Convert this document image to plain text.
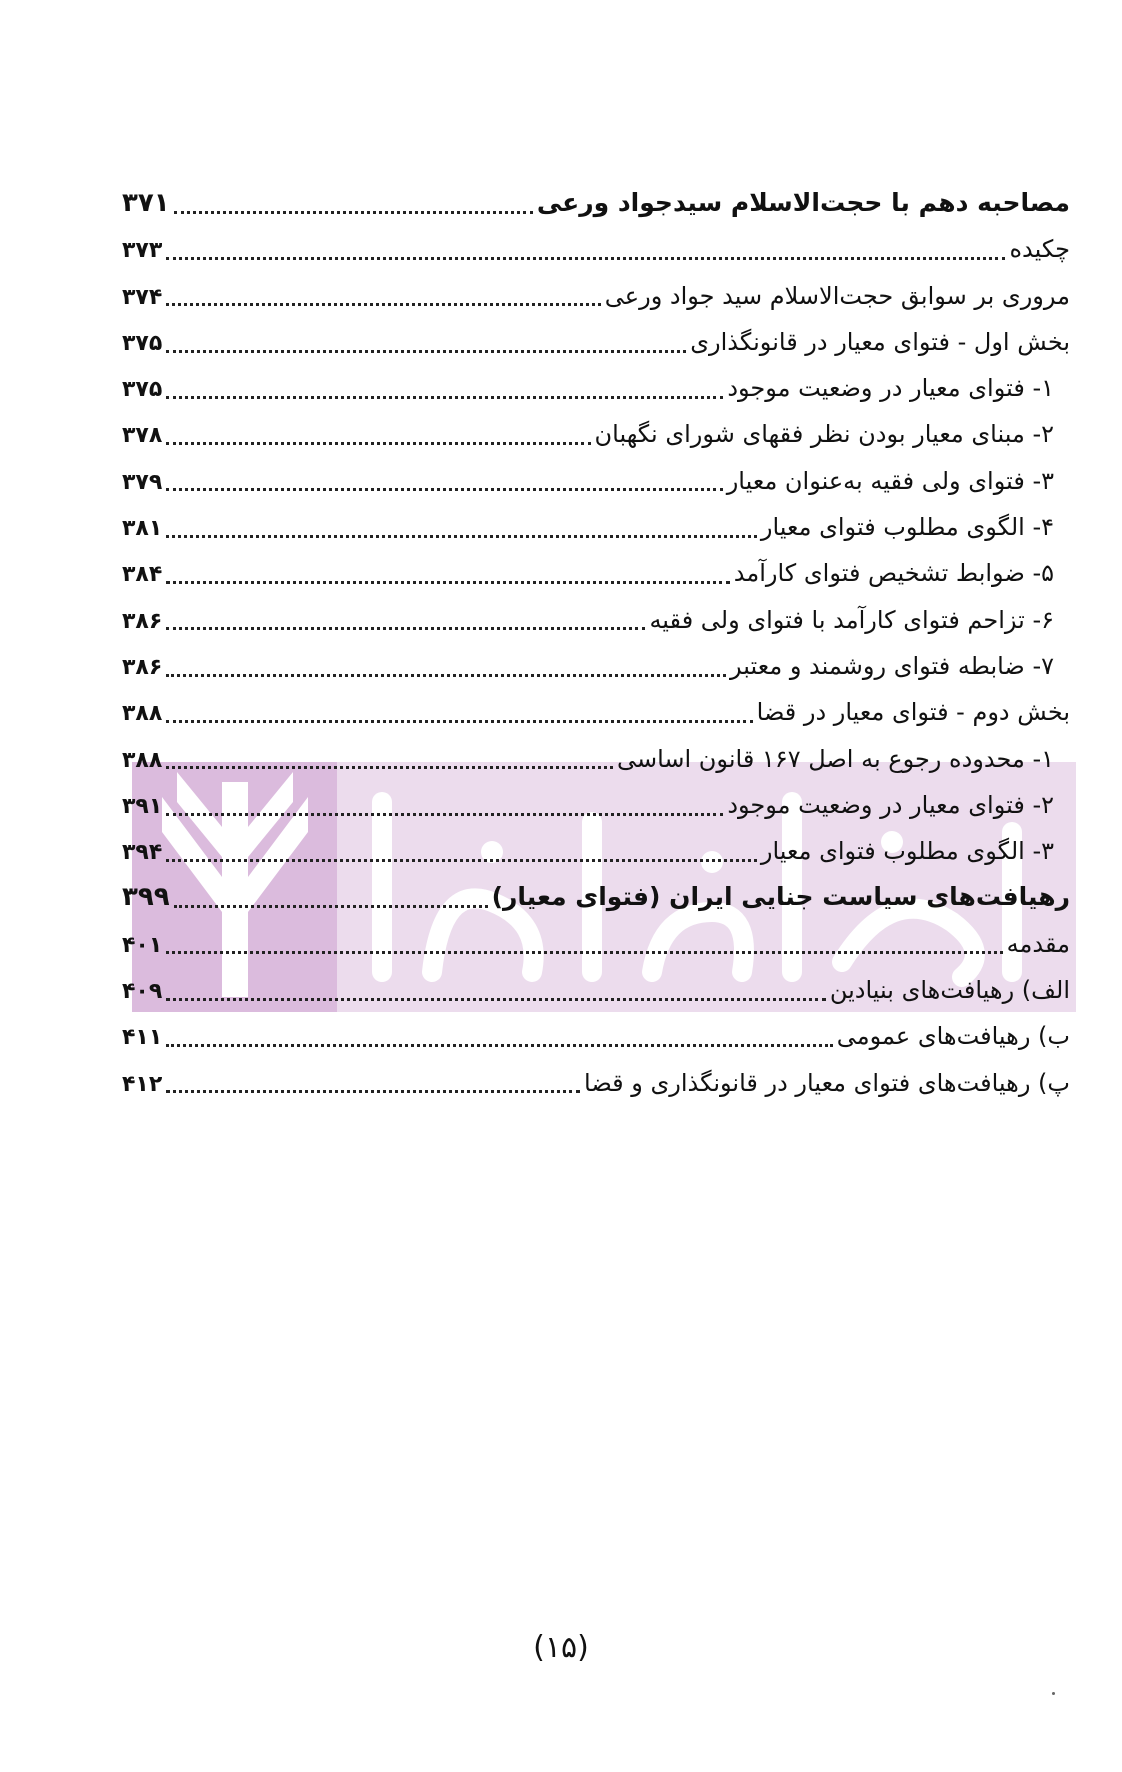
مصاحبه دهم با حجت‌الاسلام سیدجواد ورعی
۳۷۱
چکیده
۳۷۳
مروری بر سوابق حجت‌الاسلام سید جواد ورعی
۳۷۴
بخش اول - فتوای معیار در قانونگذاری
۳۷۵
۱- فتوای معیار در وضعیت موجود
۳۷۵
۲- مبنای معیار بودن نظر فقهای شورای نگهبان
۳۷۸
۳- فتوای ولی فقیه به‌عنوان معیار
۳۷۹
۴- الگوی مطلوب فتوای معیار
۳۸۱
۵- ضوابط تشخیص فتوای کارآمد
۳۸۴
۶- تزاحم فتوای کارآمد با فتوای ولی فقیه
۳۸۶
۷- ضابطه فتوای روشمند و معتبر
۳۸۶
بخش دوم - فتوای معیار در قضا
۳۸۸
۱- محدوده رجوع به اصل ۱۶۷ قانون اساسی
۳۸۸
۲- فتوای معیار در وضعیت موجود
۳۹۱
۳- الگوی مطلوب فتوای معیار
۳۹۴
رهیافت‌های سیاست جنایی ایران (فتوای معیار)
۳۹۹
مقدمه
۴۰۱
الف) رهیافت‌های بنیادین
۴۰۹
ب) رهیافت‌های عمومی
۴۱۱
پ) رهیافت‌های فتوای معیار در قانونگذاری و قضا
۴۱۲
(۱۵)
